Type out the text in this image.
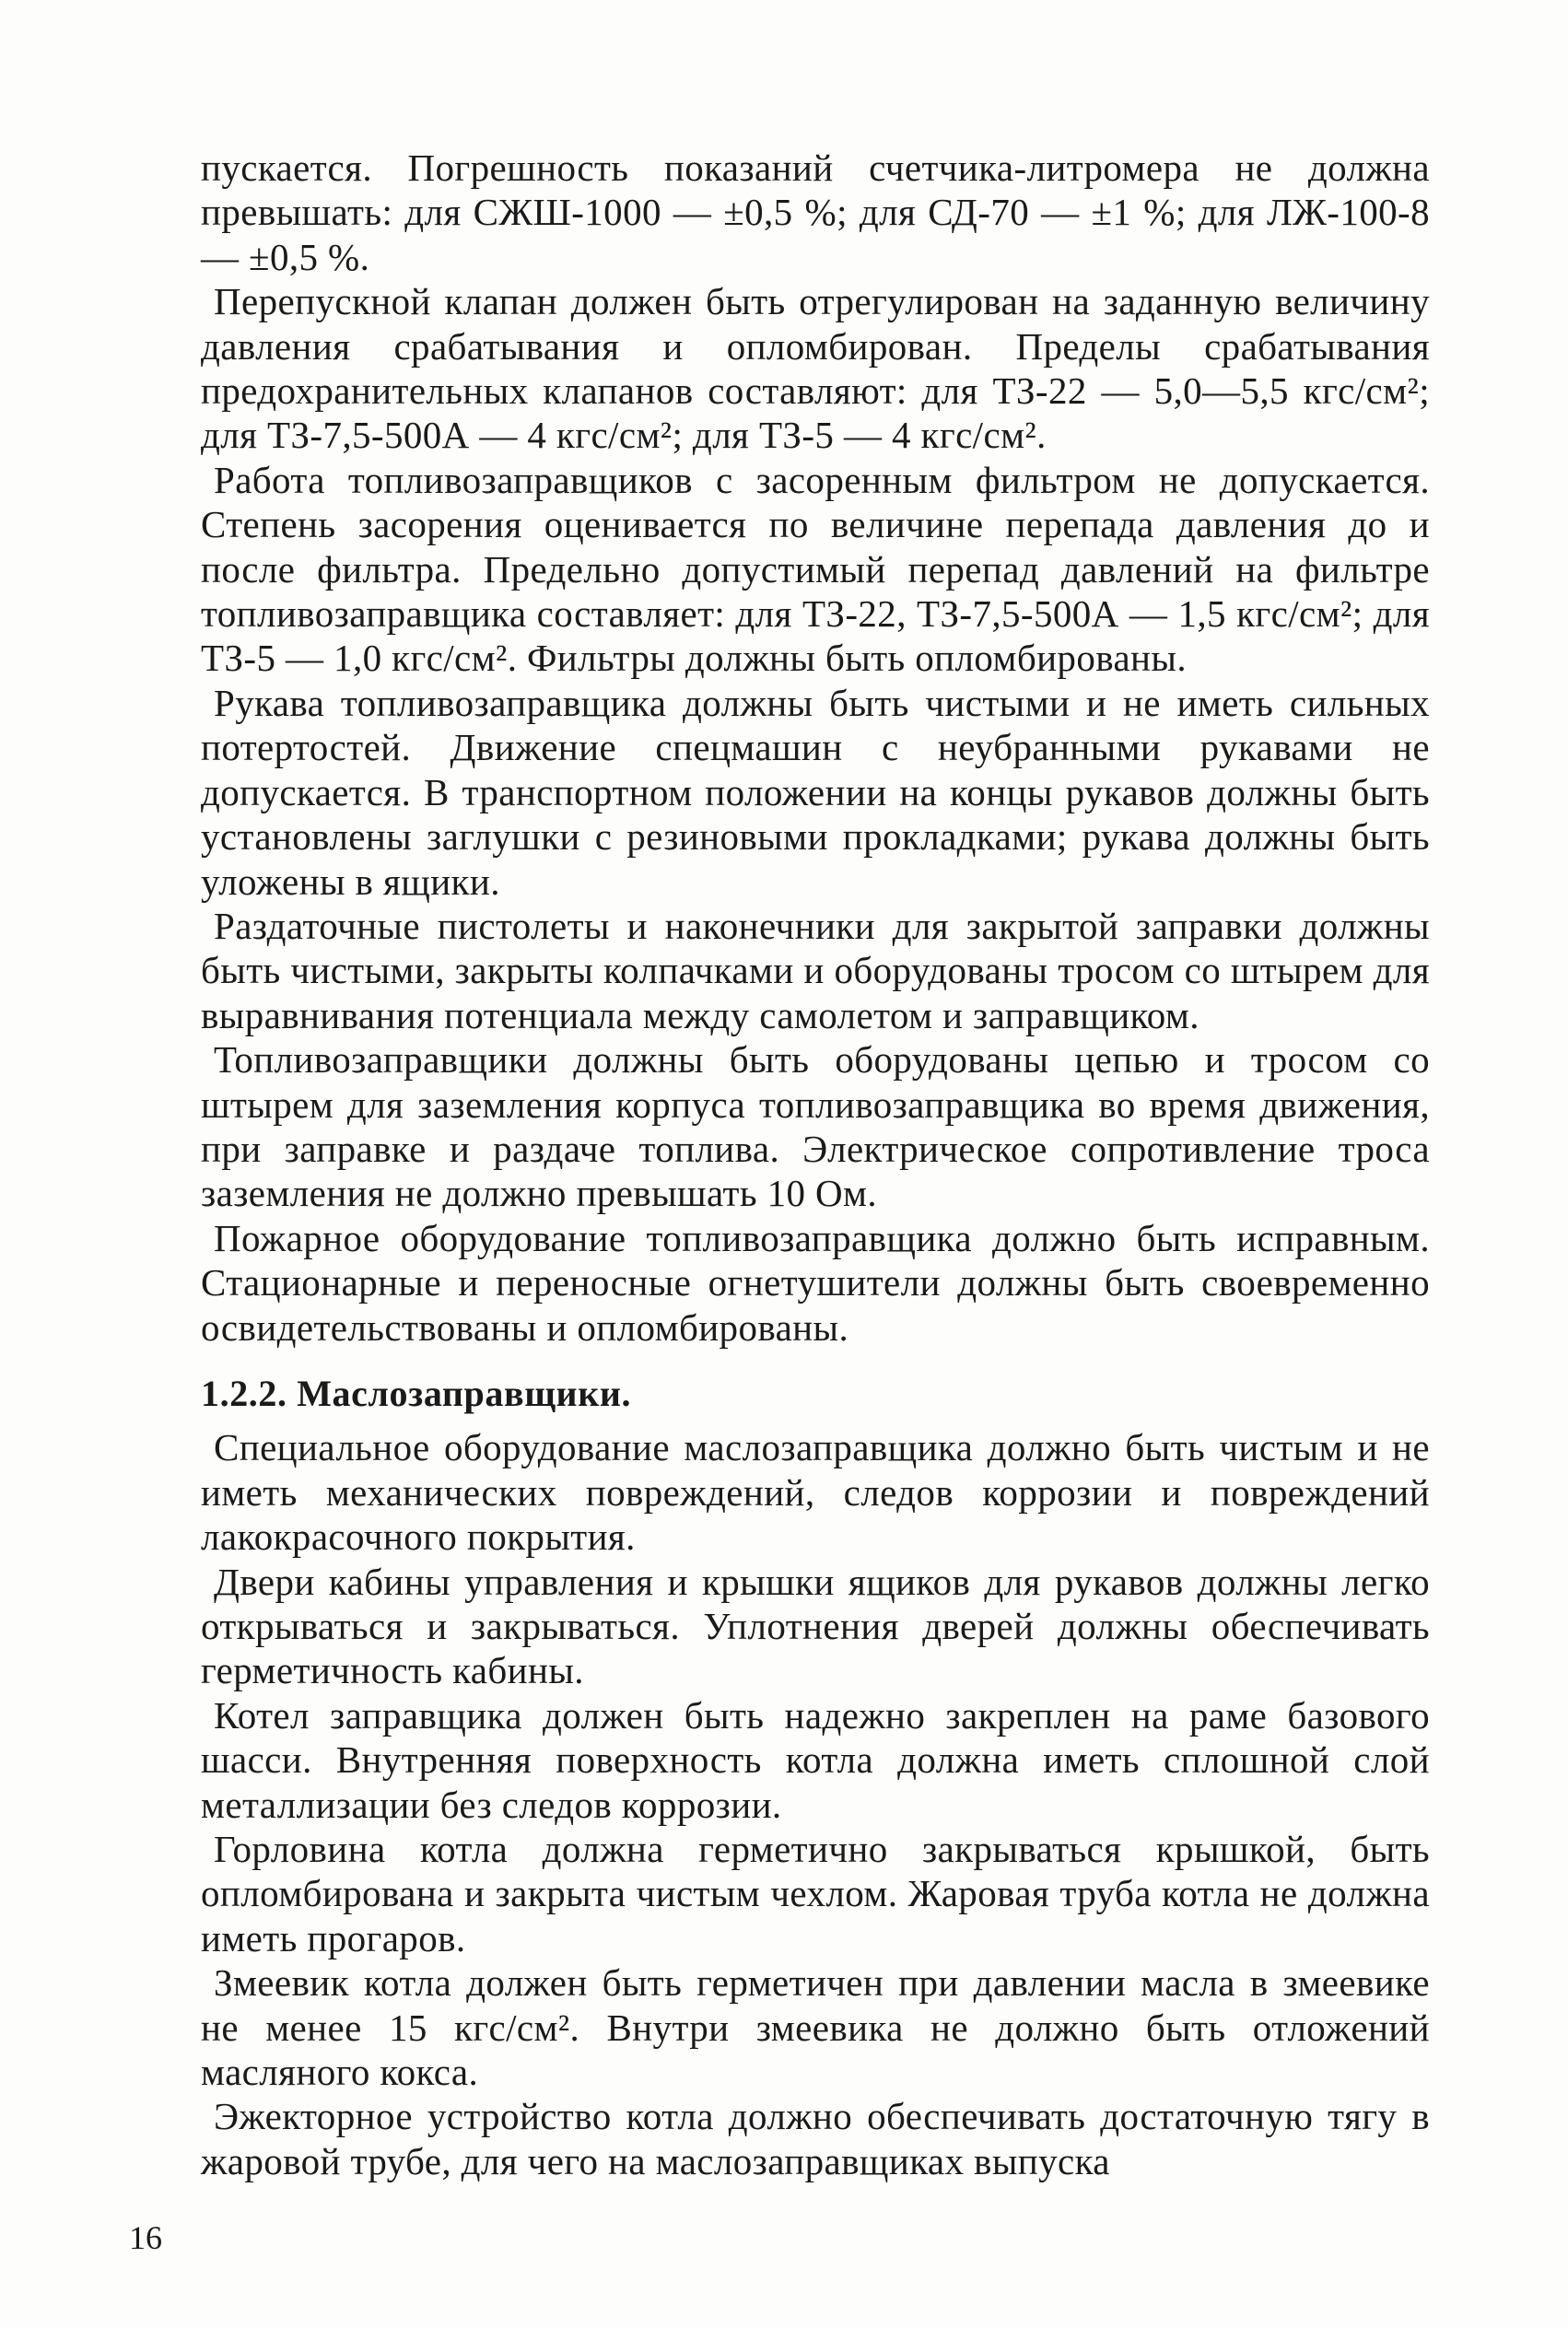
пускается. Погрешность показаний счетчика-литромера не должна превышать: для СЖШ-1000 — ±0,5 %; для СД-70 — ±1 %; для ЛЖ-100-8 — ±0,5 %.

Перепускной клапан должен быть отрегулирован на заданную величину давления срабатывания и опломбирован. Пределы срабатывания предохранительных клапанов составляют: для ТЗ-22 — 5,0—5,5 кгс/см²; для ТЗ-7,5-500А — 4 кгс/см²; для ТЗ-5 — 4 кгс/см².

Работа топливозаправщиков с засоренным фильтром не допускается. Степень засорения оценивается по величине перепада давления до и после фильтра. Предельно допустимый перепад давлений на фильтре топливозаправщика составляет: для ТЗ-22, ТЗ-7,5-500А — 1,5 кгс/см²; для ТЗ-5 — 1,0 кгс/см². Фильтры должны быть опломбированы.

Рукава топливозаправщика должны быть чистыми и не иметь сильных потертостей. Движение спецмашин с неубранными рукавами не допускается. В транспортном положении на концы рукавов должны быть установлены заглушки с резиновыми прокладками; рукава должны быть уложены в ящики.

Раздаточные пистолеты и наконечники для закрытой заправки должны быть чистыми, закрыты колпачками и оборудованы тросом со штырем для выравнивания потенциала между самолетом и заправщиком.

Топливозаправщики должны быть оборудованы цепью и тросом со штырем для заземления корпуса топливозаправщика во время движения, при заправке и раздаче топлива. Электрическое сопротивление троса заземления не должно превышать 10 Ом.

Пожарное оборудование топливозаправщика должно быть исправным. Стационарные и переносные огнетушители должны быть своевременно освидетельствованы и опломбированы.

1.2.2. Маслозаправщики.

Специальное оборудование маслозаправщика должно быть чистым и не иметь механических повреждений, следов коррозии и повреждений лакокрасочного покрытия.

Двери кабины управления и крышки ящиков для рукавов должны легко открываться и закрываться. Уплотнения дверей должны обеспечивать герметичность кабины.

Котел заправщика должен быть надежно закреплен на раме базового шасси. Внутренняя поверхность котла должна иметь сплошной слой металлизации без следов коррозии.

Горловина котла должна герметично закрываться крышкой, быть опломбирована и закрыта чистым чехлом. Жаровая труба котла не должна иметь прогаров.

Змеевик котла должен быть герметичен при давлении масла в змеевике не менее 15 кгс/см². Внутри змеевика не должно быть отложений масляного кокса.

Эжекторное устройство котла должно обеспечивать достаточную тягу в жаровой трубе, для чего на маслозаправщиках выпуска

16
